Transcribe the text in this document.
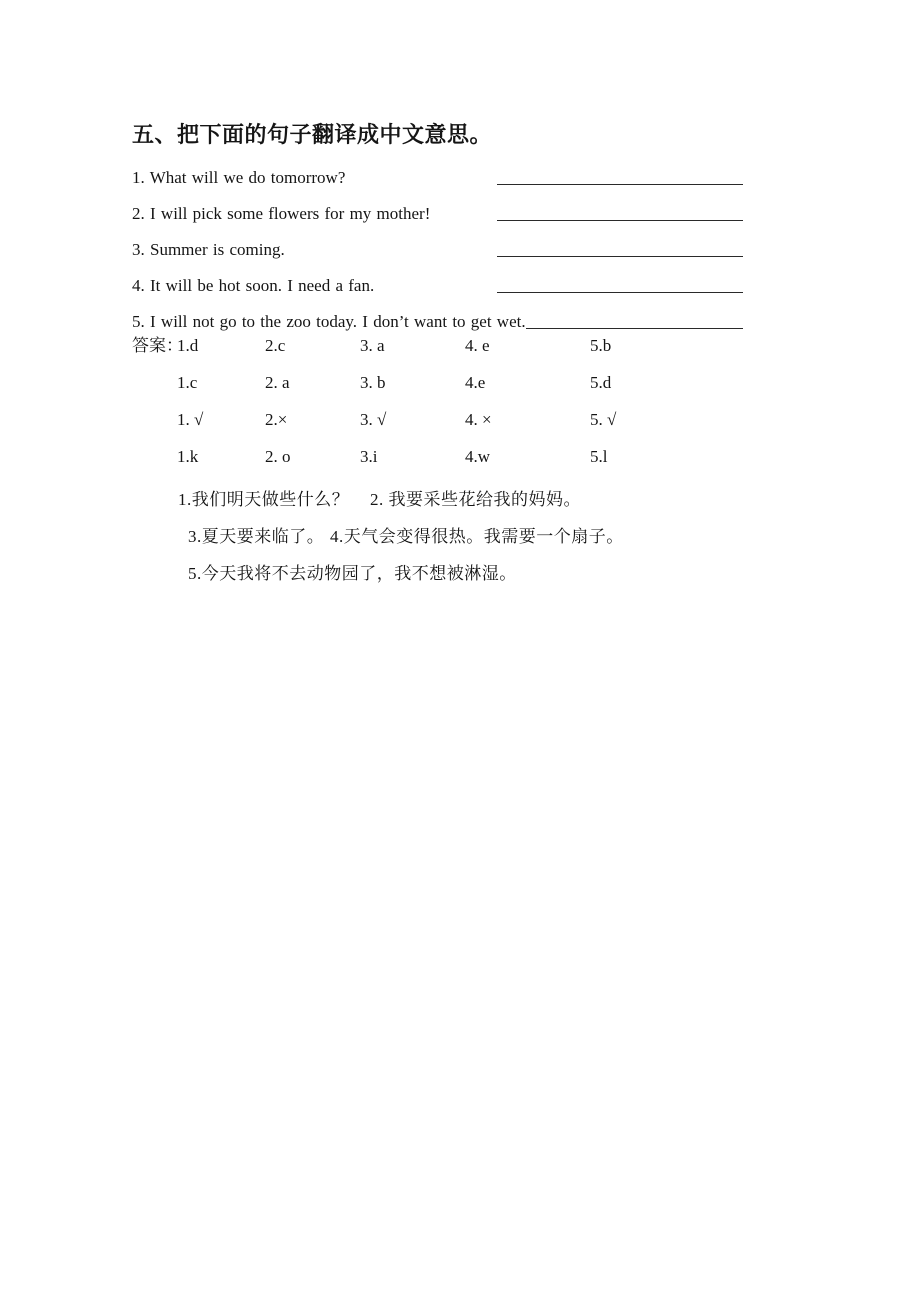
五、把下面的句子翻译成中文意思。
1. What will we do tomorrow?
2. I will pick some flowers for my mother!
3. Summer is coming.
4. It will be hot soon. I need a fan.
5. I will not go to the zoo today. I don’t want to get wet.
答案：
1.d	2.c	3. a	4. e	5.b
1.c	2. a	3. b	4.e	5.d
1. √	2.×	3. √	4. ×	5. √
1.k	2. o	3.i	4.w	5.l
1.我们明天做些什么？ 2. 我要采些花给我的妈妈。
3.夏天要来临了。 4.天气会变得很热。我需要一个扇子。
5.今天我将不去动物园了，我不想被淋湿。
